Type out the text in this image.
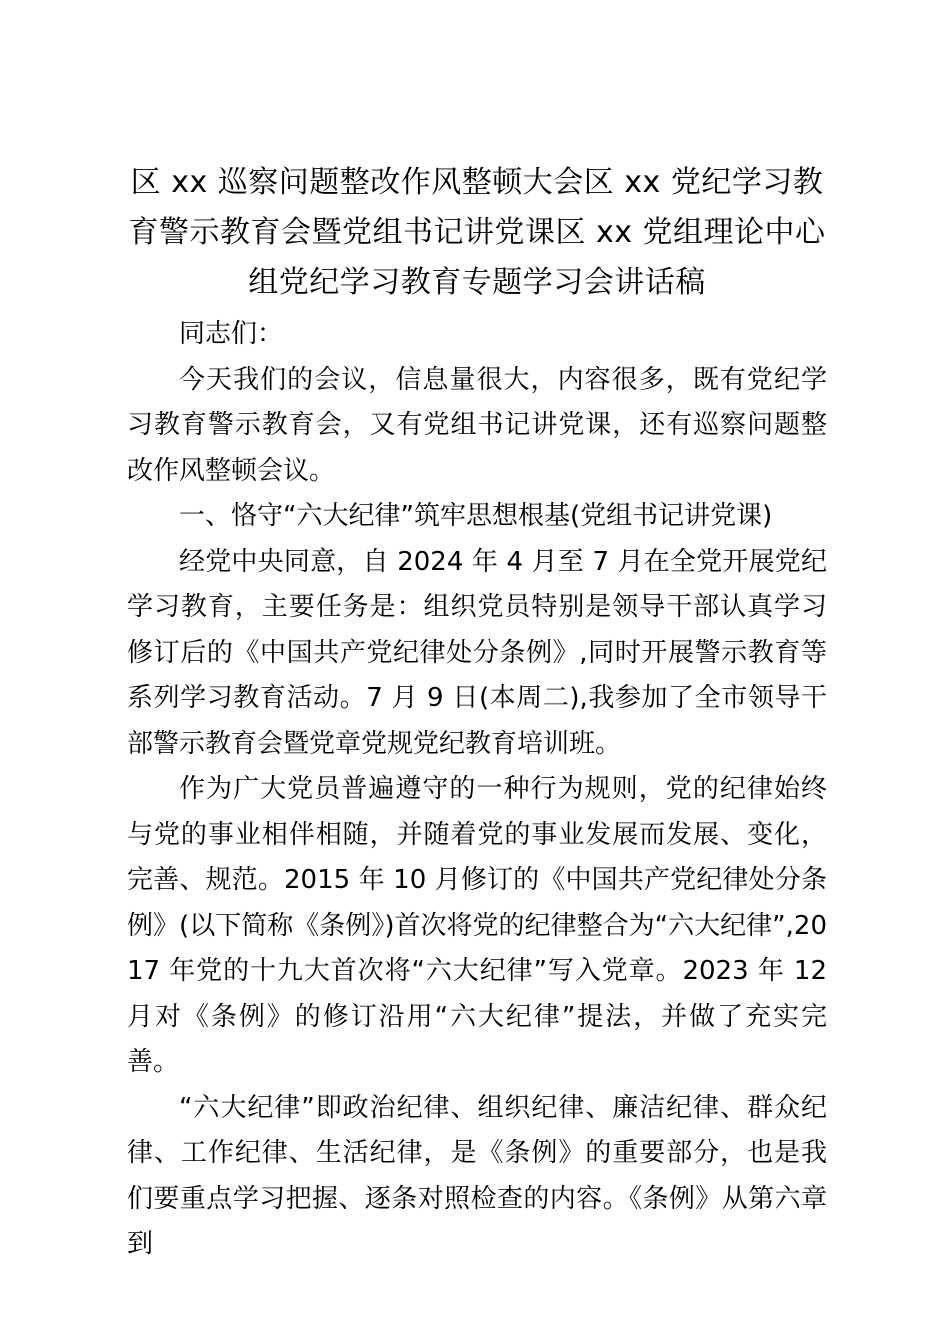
区 xx 巡察问题整改作风整顿大会区 xx 党纪学习教育警示教育会暨党组书记讲党课区 xx 党组理论中心组党纪学习教育专题学习会讲话稿

同志们：

今天我们的会议，信息量很大，内容很多，既有党纪学习教育警示教育会，又有党组书记讲党课，还有巡察问题整改作风整顿会议。

一、恪守“六大纪律”筑牢思想根基(党组书记讲党课)

经党中央同意，自 2024 年 4 月至 7 月在全党开展党纪学习教育，主要任务是：组织党员特别是领导干部认真学习修订后的《中国共产党纪律处分条例》,同时开展警示教育等系列学习教育活动。7 月 9 日(本周二),我参加了全市领导干部警示教育会暨党章党规党纪教育培训班。

作为广大党员普遍遵守的一种行为规则，党的纪律始终与党的事业相伴相随，并随着党的事业发展而发展、变化，完善、规范。2015 年 10 月修订的《中国共产党纪律处分条例》(以下简称《条例》)首次将党的纪律整合为“六大纪律”,2017 年党的十九大首次将“六大纪律”写入党章。2023 年 12 月对《条例》的修订沿用“六大纪律”提法，并做了充实完善。

“六大纪律”即政治纪律、组织纪律、廉洁纪律、群众纪律、工作纪律、生活纪律，是《条例》的重要部分，也是我们要重点学习把握、逐条对照检查的内容。《条例》从第六章到
